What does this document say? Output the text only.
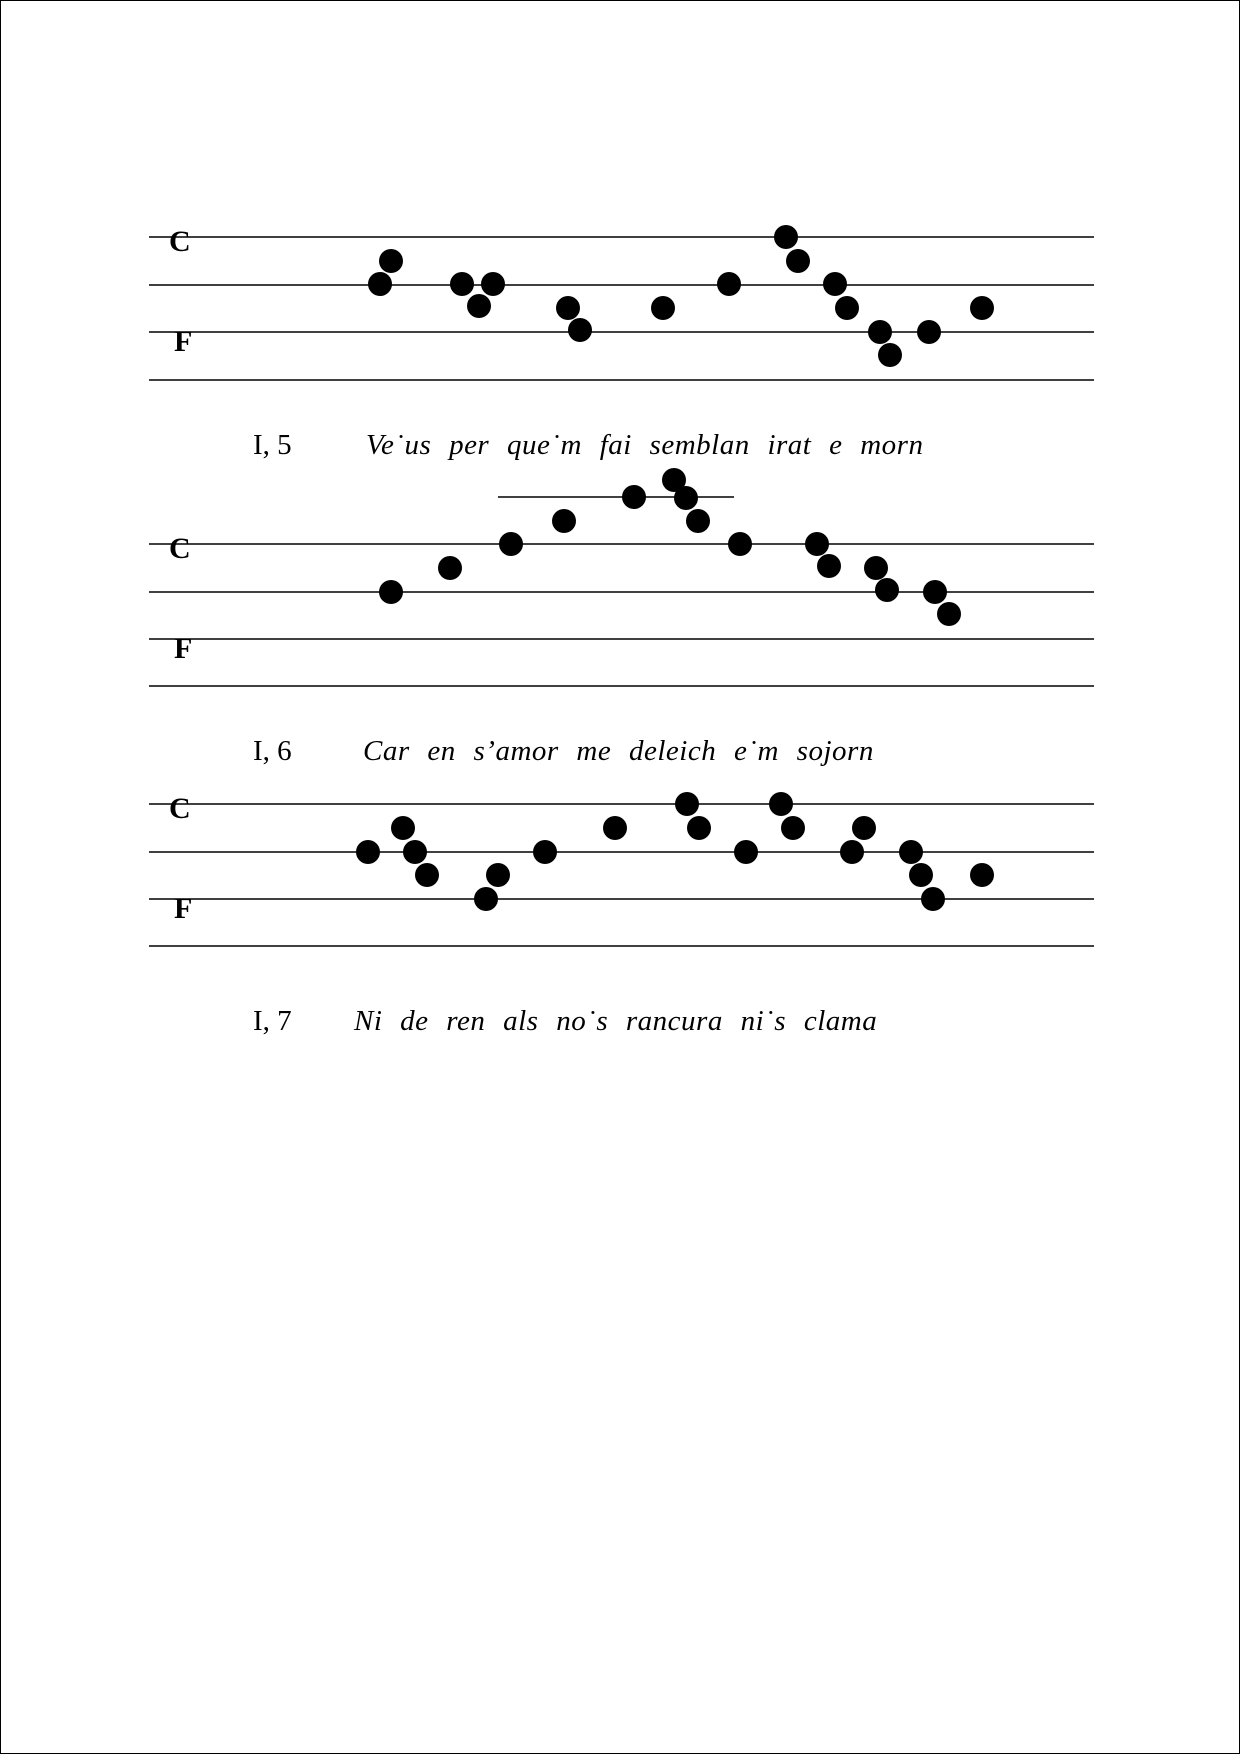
C
F
C
F
C
F
I, 5	Ve˙us per que˙m fai semblan irat e morn
I, 6 Car en s’amor me deleich e˙m sojorn
I, 7 Ni de ren als no˙s rancura ni˙s clama
